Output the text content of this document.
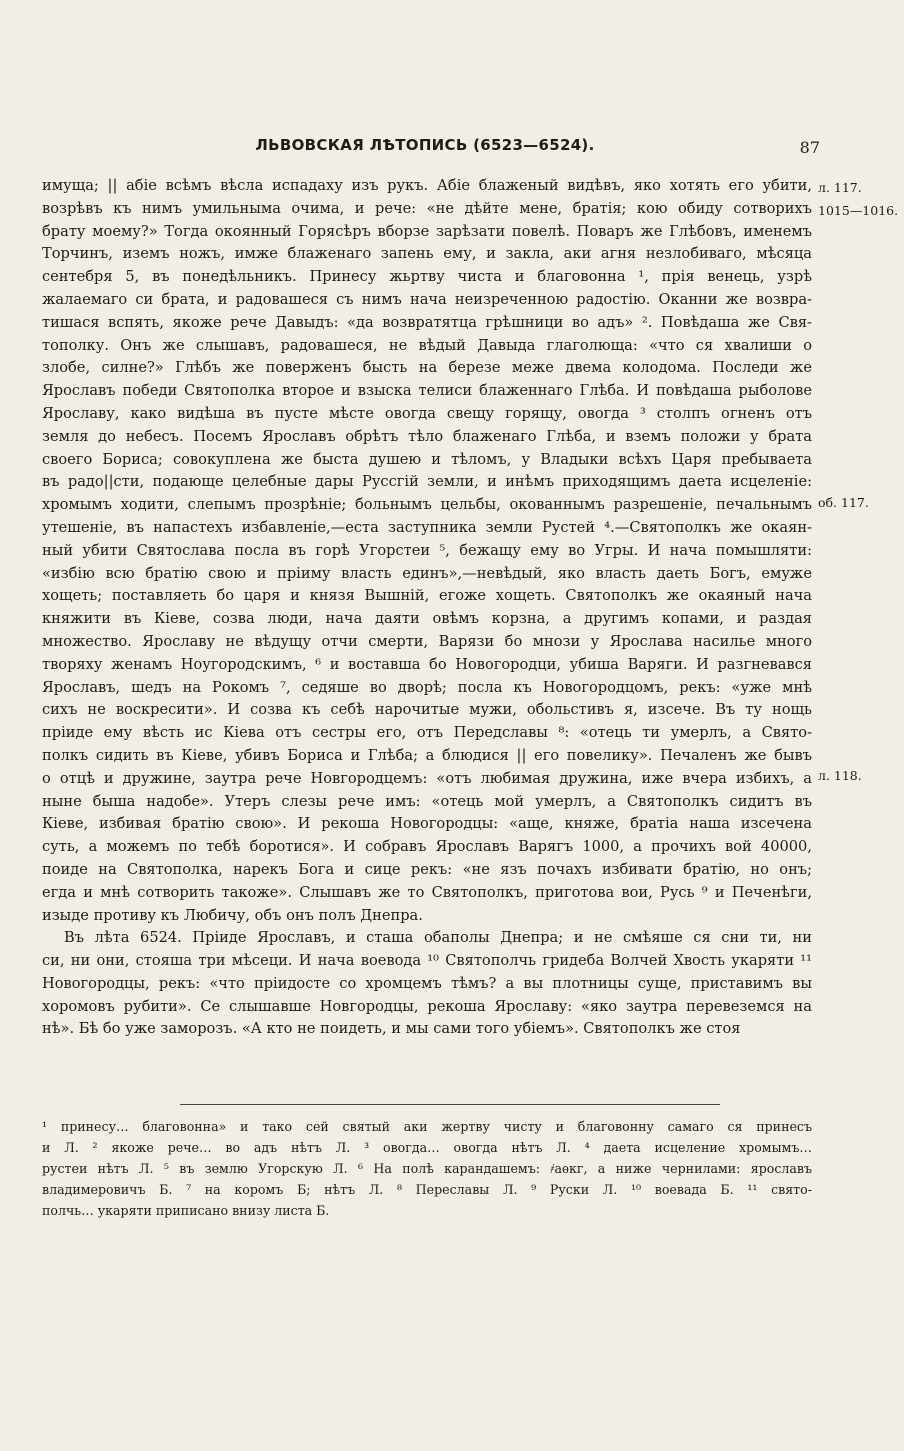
ЛЬВОВСКАЯ ЛѢТОПИСЬ (6523—6524).	87
л. 117.
1015—1016.
об. 117.
л. 118.
имуща; || абіе всѣмъ вѣсла испадаху изъ рукъ. Абіе блаженый видѣвъ, яко хотять его убити,
возрѣвъ къ нимъ умильныма очима, и рече: «не дѣйте мене, братія; кою обиду сотворихъ
брату моему?» Тогда окоянный Горясѣръ вборзе зарѣзати повелѣ. Поваръ же Глѣбовъ, именемъ
Торчинъ, иземъ ножъ, имже блаженаго запень ему, и закла, аки агня незлобиваго, мѣсяца
сентебря 5, въ понедѣльникъ. Принесу жьртву чиста и благовонна ¹, прія венець, узрѣ
жалаемаго си брата, и радовашеся съ нимъ нача неизреченною радостію. Оканни же возвра-
тишася вспять, якоже рече Давыдъ: «да возвратятца грѣшници во адъ» ². Повѣдаша же Свя-
тополку. Онъ же слышавъ, радовашеся, не вѣдый Давыда глаголюща: «что ся хвалиши о
злобе, силне?» Глѣбъ же поверженъ бысть на березе меже двема колодома. Последи же
Ярославъ победи Святополка второе и взыска телиси блаженнаго Глѣба. И повѣдаша рыболове
Ярославу, како видѣша въ пусте мѣсте овогда свещу горящу, овогда ³ столпъ огненъ отъ
земля до небесъ. Посемъ Ярославъ обрѣтъ тѣло блаженаго Глѣба, и вземъ положи у брата
своего Бориса; совокуплена же быста душею и тѣломъ, у Владыки всѣхъ Царя пребываета
въ радо||сти, подающе целебные дары Руссгій земли, и инѣмъ приходящимъ даета исцеленіе:
хромымъ ходити, слепымъ прозрѣніе; больнымъ цельбы, окованнымъ разрешеніе, печальнымъ
утешеніе, въ напастехъ избавленіе,—еста заступника земли Рустей ⁴.—Святополкъ же окаян-
ный убити Святослава посла въ горѣ Угорстеи ⁵, бежащу ему во Угры. И нача помышляти:
«избію всю братію свою и пріиму власть единъ»,—невѣдый, яко власть даеть Богъ, емуже
хощеть; поставляеть бо царя и князя Вышній, егоже хощеть. Святополкъ же окаяный нача
княжити въ Кіеве, созва люди, нача даяти овѣмъ корзна, а другимъ копами, и раздая
множество. Ярославу не вѣдущу отчи смерти, Варязи бо мнози у Ярослава насилье много
творяху женамъ Ноугородскимъ, ⁶ и воставша бо Новогородци, убиша Варяги. И разгневався
Ярославъ, шедъ на Рокомъ ⁷, седяше во дворѣ; посла къ Новогородцомъ, рекъ: «уже мнѣ
сихъ не воскресити». И созва къ себѣ нарочитые мужи, обольстивъ я, изсече. Въ ту нощь
пріиде ему вѣсть ис Кіева отъ сестры его, отъ Передславы ⁸: «отець ти умерлъ, а Свято-
полкъ сидить въ Кіеве, убивъ Бориса и Глѣба; а блюдися || его повелику». Печаленъ же бывъ
о отцѣ и дружине, заутра рече Новгородцемъ: «отъ любимая дружина, иже вчера избихъ, а
ныне быша надобе». Утеръ слезы рече имъ: «отець мой умерлъ, а Святополкъ сидитъ въ
Кіеве, избивая братію свою». И рекоша Новогородцы: «аще, княже, братіа наша изсечена
суть, а можемъ по тебѣ боротися». И собравъ Ярославъ Варягъ 1000, а прочихъ вой 40000,
поиде на Святополка, нарекъ Бога и сице рекъ: «не язъ почахъ избивати братію, но онъ;
егда и мнѣ сотворить такоже». Слышавъ же то Святополкъ, приготова вои, Русь ⁹ и Печенѣги,
изыде противу къ Любичу, объ онъ полъ Днепра.
Въ лѣта 6524. Пріиде Ярославъ, и сташа обаполы Днепра; и не смѣяше ся сни ти, ни
си, ни они, стояша три мѣсеци. И нача воевода ¹⁰ Святополчь гридеба Волчей Хвость укаряти ¹¹
Новогородцы, рекъ: «что пріидосте со хромцемъ тѣмъ? а вы плотницы суще, приставимъ вы
хоромовъ рубити». Се слышавше Новгородцы, рекоша Ярославу: «яко заутра перевеземся на
нѣ». Бѣ бо уже заморозъ. «А кто не поидеть, и мы сами того убіемъ». Святополкъ же стоя
¹ принесу… благовонна» и тако сей святый аки жертву чисту и благовонну самаго ся принесъ
и Л. ² якоже рече… во адъ нѣтъ Л. ³ овогда… овогда нѣтъ Л. ⁴ даета исцеление хромымъ…
рустеи нѣтъ Л. ⁵ въ землю Угорскую Л. ⁶ На полѣ карандашемъ: ҂аѳкг, а ниже чернилами: ярославъ
владимеровичъ Б. ⁷ на коромъ Б; нѣтъ Л. ⁸ Переславы Л. ⁹ Руски Л. ¹⁰ воевада Б. ¹¹ свято-
полчь… укаряти приписано внизу листа Б.
